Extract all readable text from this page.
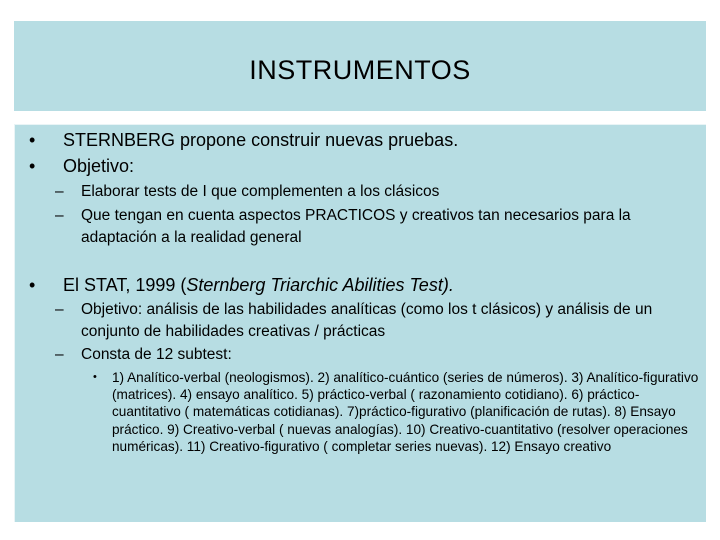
INSTRUMENTOS
• STERNBERG propone construir nuevas pruebas.
• Objetivo:
–	Elaborar tests de I que complementen a los clásicos
–	Que tengan en cuenta aspectos PRACTICOS y creativos tan necesarios para la adaptación a la realidad general
• El STAT, 1999 (Sternberg Triarchic Abilities Test).
–	Objetivo: análisis de las habilidades analíticas (como los t clásicos) y análisis de un conjunto de habilidades creativas / prácticas
–	Consta de 12 subtest:
•	1) Analítico-verbal (neologismos). 2) analítico-cuántico (series de números). 3) Analítico-figurativo (matrices). 4) ensayo analítico. 5) práctico-verbal ( razonamiento cotidiano). 6) práctico-cuantitativo ( matemáticas cotidianas). 7)práctico-figurativo (planificación de rutas). 8) Ensayo práctico. 9) Creativo-verbal ( nuevas analogías). 10) Creativo-cuantitativo (resolver operaciones numéricas). 11) Creativo-figurativo ( completar series nuevas). 12) Ensayo creativo
